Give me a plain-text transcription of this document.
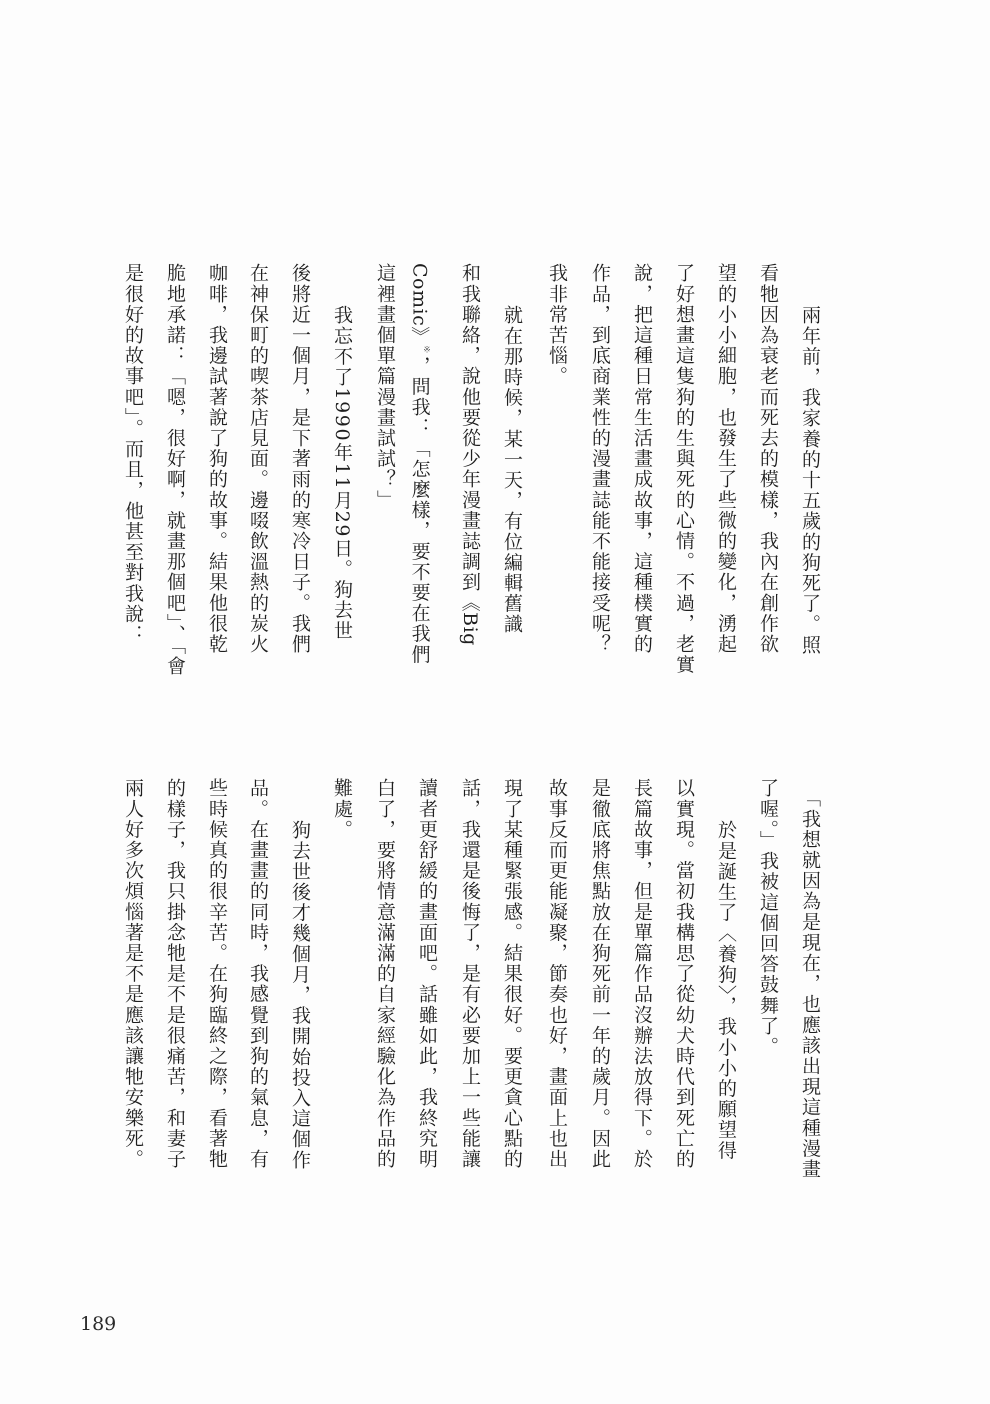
兩年前，我家養的十五歲的狗死了。照
看牠因為衰老而死去的模樣，我內在創作欲
望的小小細胞，也發生了些微的變化，湧起
了好想畫這隻狗的生與死的心情。不過，老實
說，把這種日常生活畫成故事，這種樸實的
作品，到底商業性的漫畫誌能不能接受呢？
我非常苦惱。
就在那時候，某一天，有位編輯舊識
和我聯絡，說他要從少年漫畫誌調到《Big
Comic》※，問我：「怎麼樣，要不要在我們
這裡畫個單篇漫畫試試？」
我忘不了1990年11月29日。狗去世
後將近一個月，是下著雨的寒冷日子。我們
在神保町的喫茶店見面。邊啜飲溫熱的炭火
咖啡，我邊試著說了狗的故事。結果他很乾
脆地承諾：「嗯，很好啊，就畫那個吧」、「會
是很好的故事吧」。而且，他甚至對我說：
「我想就因為是現在，也應該出現這種漫畫
了喔。」我被這個回答鼓舞了。
於是誕生了〈養狗〉，我小小的願望得
以實現。當初我構思了從幼犬時代到死亡的
長篇故事，但是單篇作品沒辦法放得下。於
是徹底將焦點放在狗死前一年的歲月。因此
故事反而更能凝聚，節奏也好，畫面上也出
現了某種緊張感。結果很好。要更貪心點的
話，我還是後悔了，是有必要加上一些能讓
讀者更舒緩的畫面吧。話雖如此，我終究明
白了，要將情意滿滿的自家經驗化為作品的
難處。
狗去世後才幾個月，我開始投入這個作
品。在畫畫的同時，我感覺到狗的氣息，有
些時候真的很辛苦。在狗臨終之際，看著牠
的樣子，我只掛念牠是不是很痛苦，和妻子
兩人好多次煩惱著是不是應該讓牠安樂死。
189
